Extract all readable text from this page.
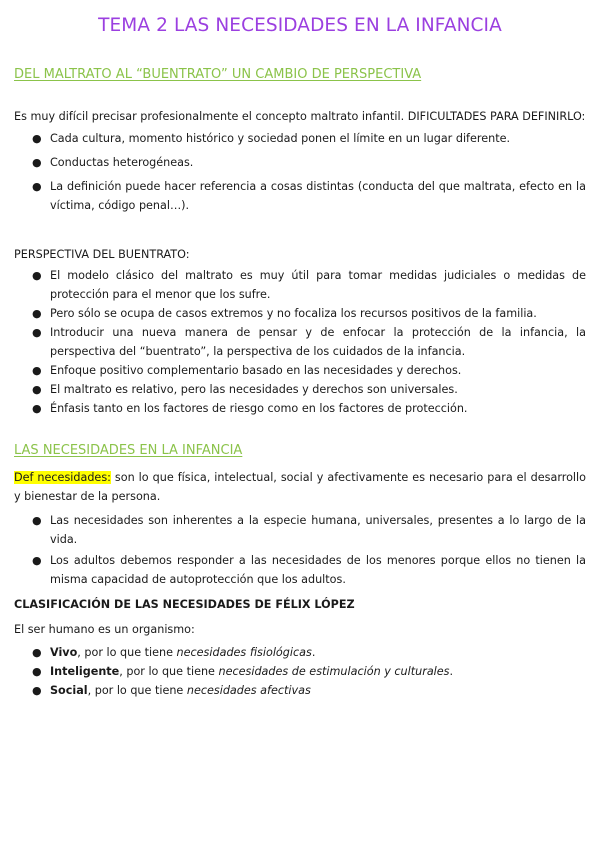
TEMA 2 LAS NECESIDADES EN LA INFANCIA
DEL MALTRATO AL “BUENTRATO” UN CAMBIO DE PERSPECTIVA
Es muy difícil precisar profesionalmente el concepto maltrato infantil. DIFICULTADES PARA DEFINIRLO:
● Cada cultura, momento histórico y sociedad ponen el límite en un lugar diferente.
● Conductas heterogéneas.
● La definición puede hacer referencia a cosas distintas (conducta del que maltrata, efecto en la víctima, código penal…).
PERSPECTIVA DEL BUENTRATO:
● El modelo clásico del maltrato es muy útil para tomar medidas judiciales o medidas de protección para el menor que los sufre.
● Pero sólo se ocupa de casos extremos y no focaliza los recursos positivos de la familia.
● Introducir una nueva manera de pensar y de enfocar la protección de la infancia, la perspectiva del “buentrato”, la perspectiva de los cuidados de la infancia.
● Enfoque positivo complementario basado en las necesidades y derechos.
● El maltrato es relativo, pero las necesidades y derechos son universales.
● Énfasis tanto en los factores de riesgo como en los factores de protección.
LAS NECESIDADES EN LA INFANCIA
Def necesidades: son lo que física, intelectual, social y afectivamente es necesario para el desarrollo y bienestar de la persona.
● Las necesidades son inherentes a la especie humana, universales, presentes a lo largo de la vida.
● Los adultos debemos responder a las necesidades de los menores porque ellos no tienen la misma capacidad de autoprotección que los adultos.
CLASIFICACIÓN DE LAS NECESIDADES DE FÉLIX LÓPEZ
El ser humano es un organismo:
● Vivo, por lo que tiene necesidades fisiológicas.
● Inteligente, por lo que tiene necesidades de estimulación y culturales.
● Social, por lo que tiene necesidades afectivas
